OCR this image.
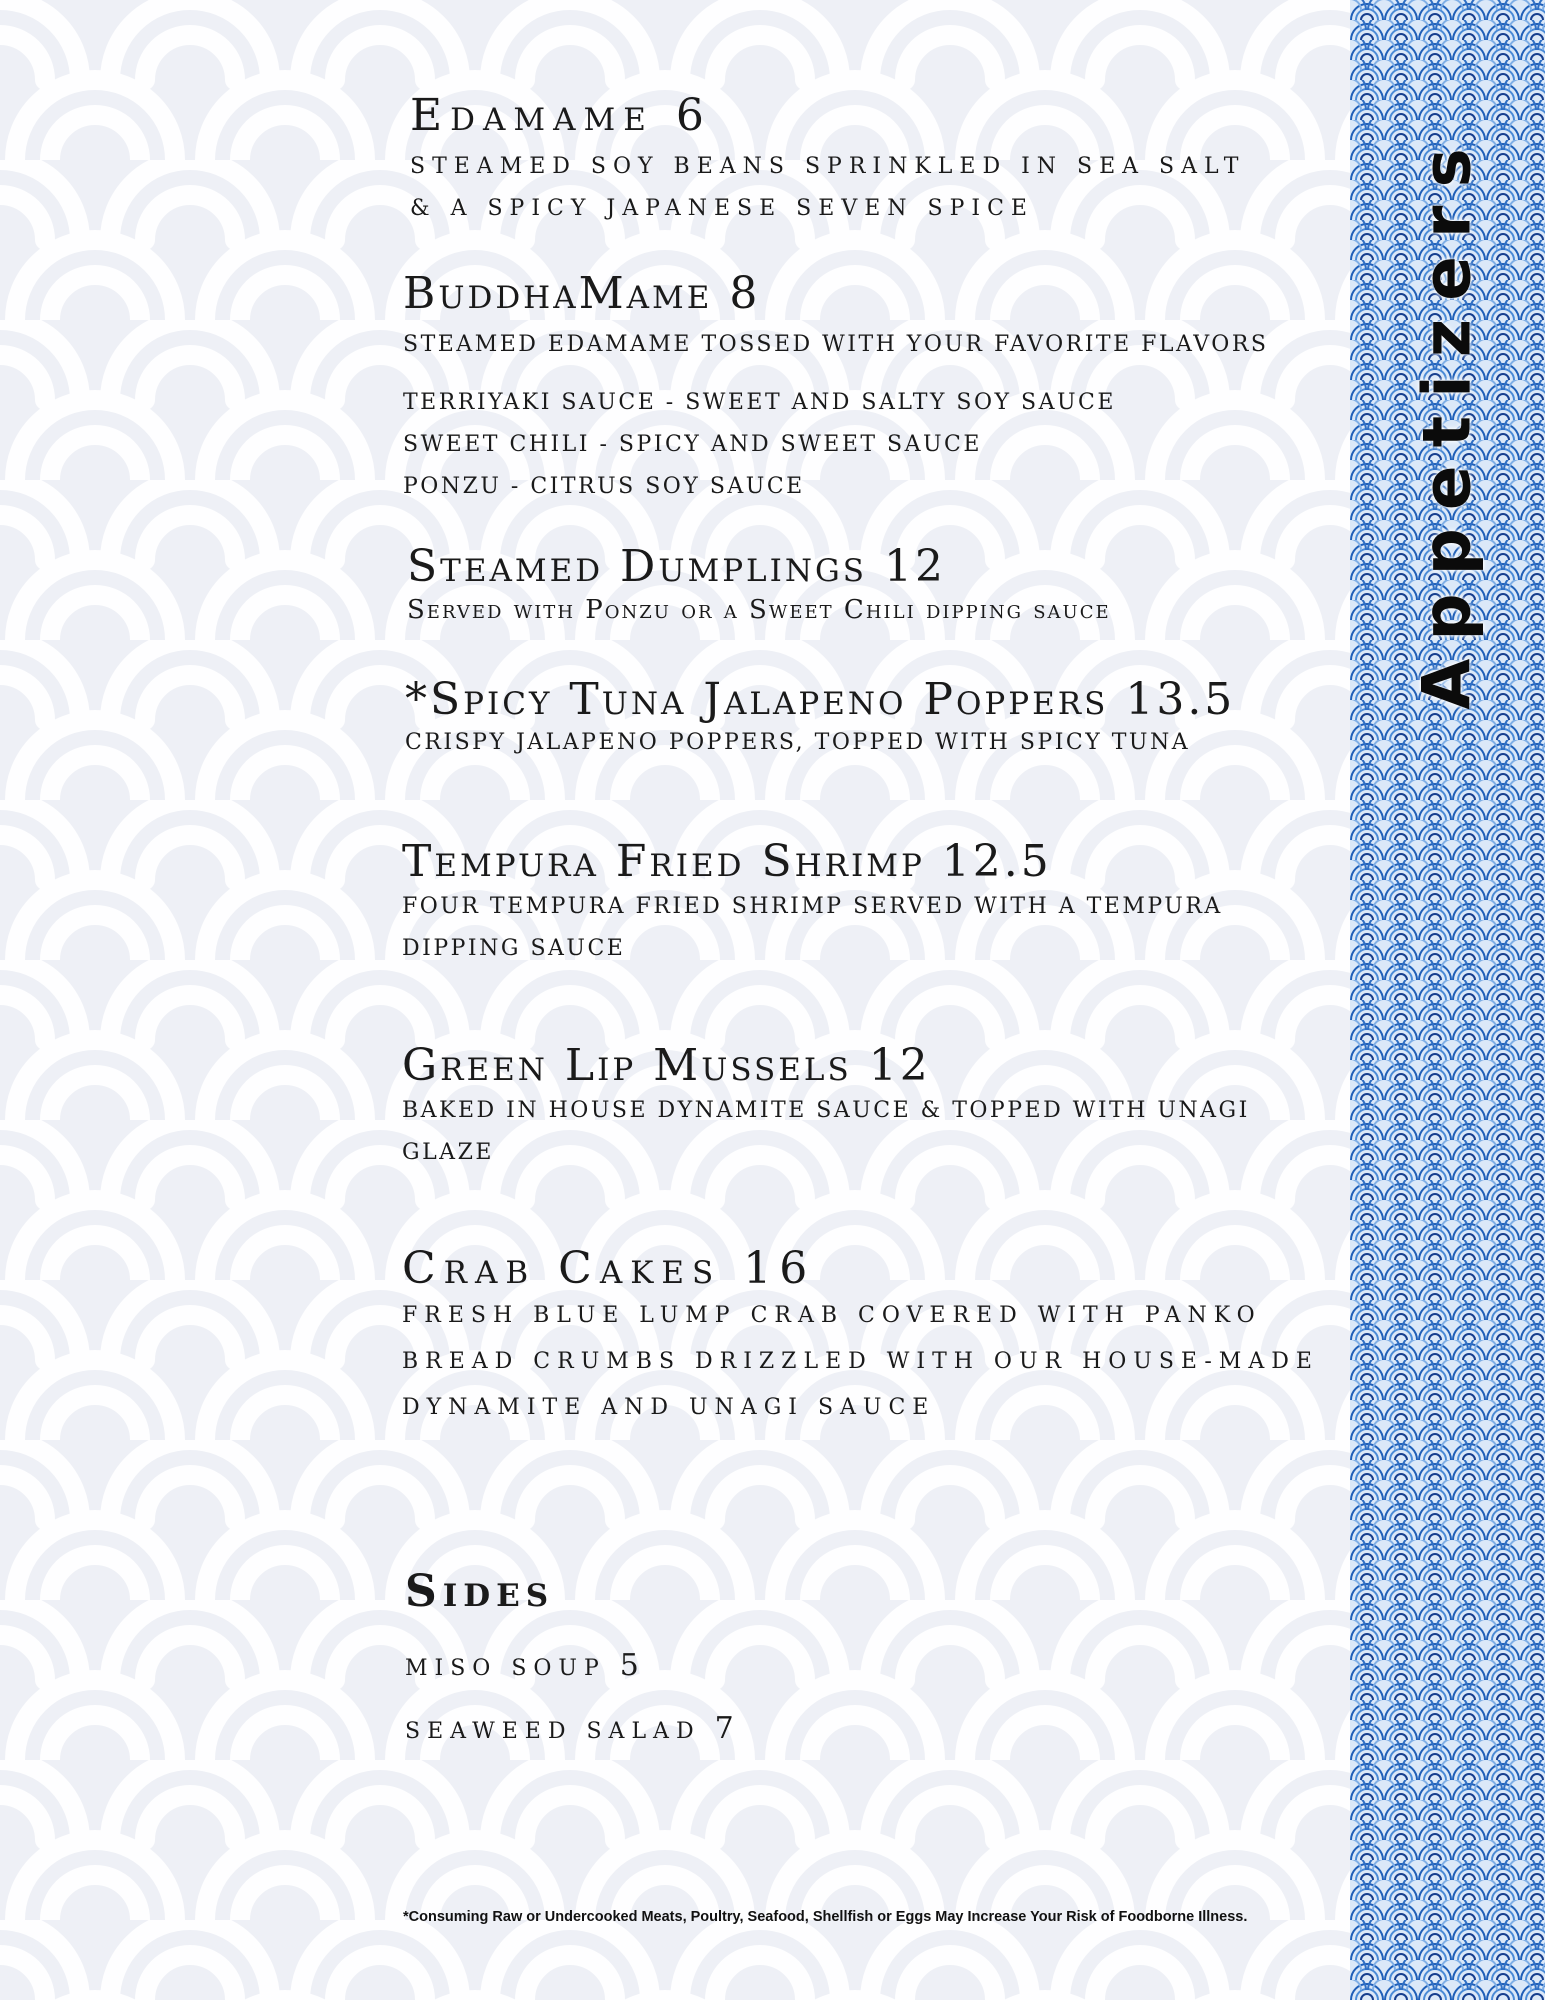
Appetizers
Edamame 6
STEAMED SOY BEANS SPRINKLED IN SEA SALT
& A SPICY JAPANESE SEVEN SPICE
BuddhaMame 8
STEAMED EDAMAME TOSSED WITH YOUR FAVORITE FLAVORS
TERRIYAKI SAUCE - SWEET AND SALTY SOY SAUCE
SWEET CHILI - SPICY AND SWEET SAUCE
PONZU - CITRUS SOY SAUCE
Steamed Dumplings 12
Served with Ponzu or a Sweet Chili dipping sauce
*Spicy Tuna Jalapeno Poppers 13.5
CRISPY JALAPENO POPPERS, TOPPED WITH SPICY TUNA
Tempura Fried Shrimp 12.5
FOUR TEMPURA FRIED SHRIMP SERVED WITH A TEMPURA
DIPPING SAUCE
Green Lip Mussels 12
BAKED IN HOUSE DYNAMITE SAUCE & TOPPED WITH UNAGI
GLAZE
Crab Cakes 16
FRESH BLUE LUMP CRAB COVERED WITH PANKO
BREAD CRUMBS DRIZZLED WITH OUR HOUSE-MADE
DYNAMITE AND UNAGI SAUCE
Sides
MISO SOUP 5
SEAWEED SALAD 7
*Consuming Raw or Undercooked Meats, Poultry, Seafood, Shellfish or Eggs May Increase Your Risk of Foodborne Illness.
